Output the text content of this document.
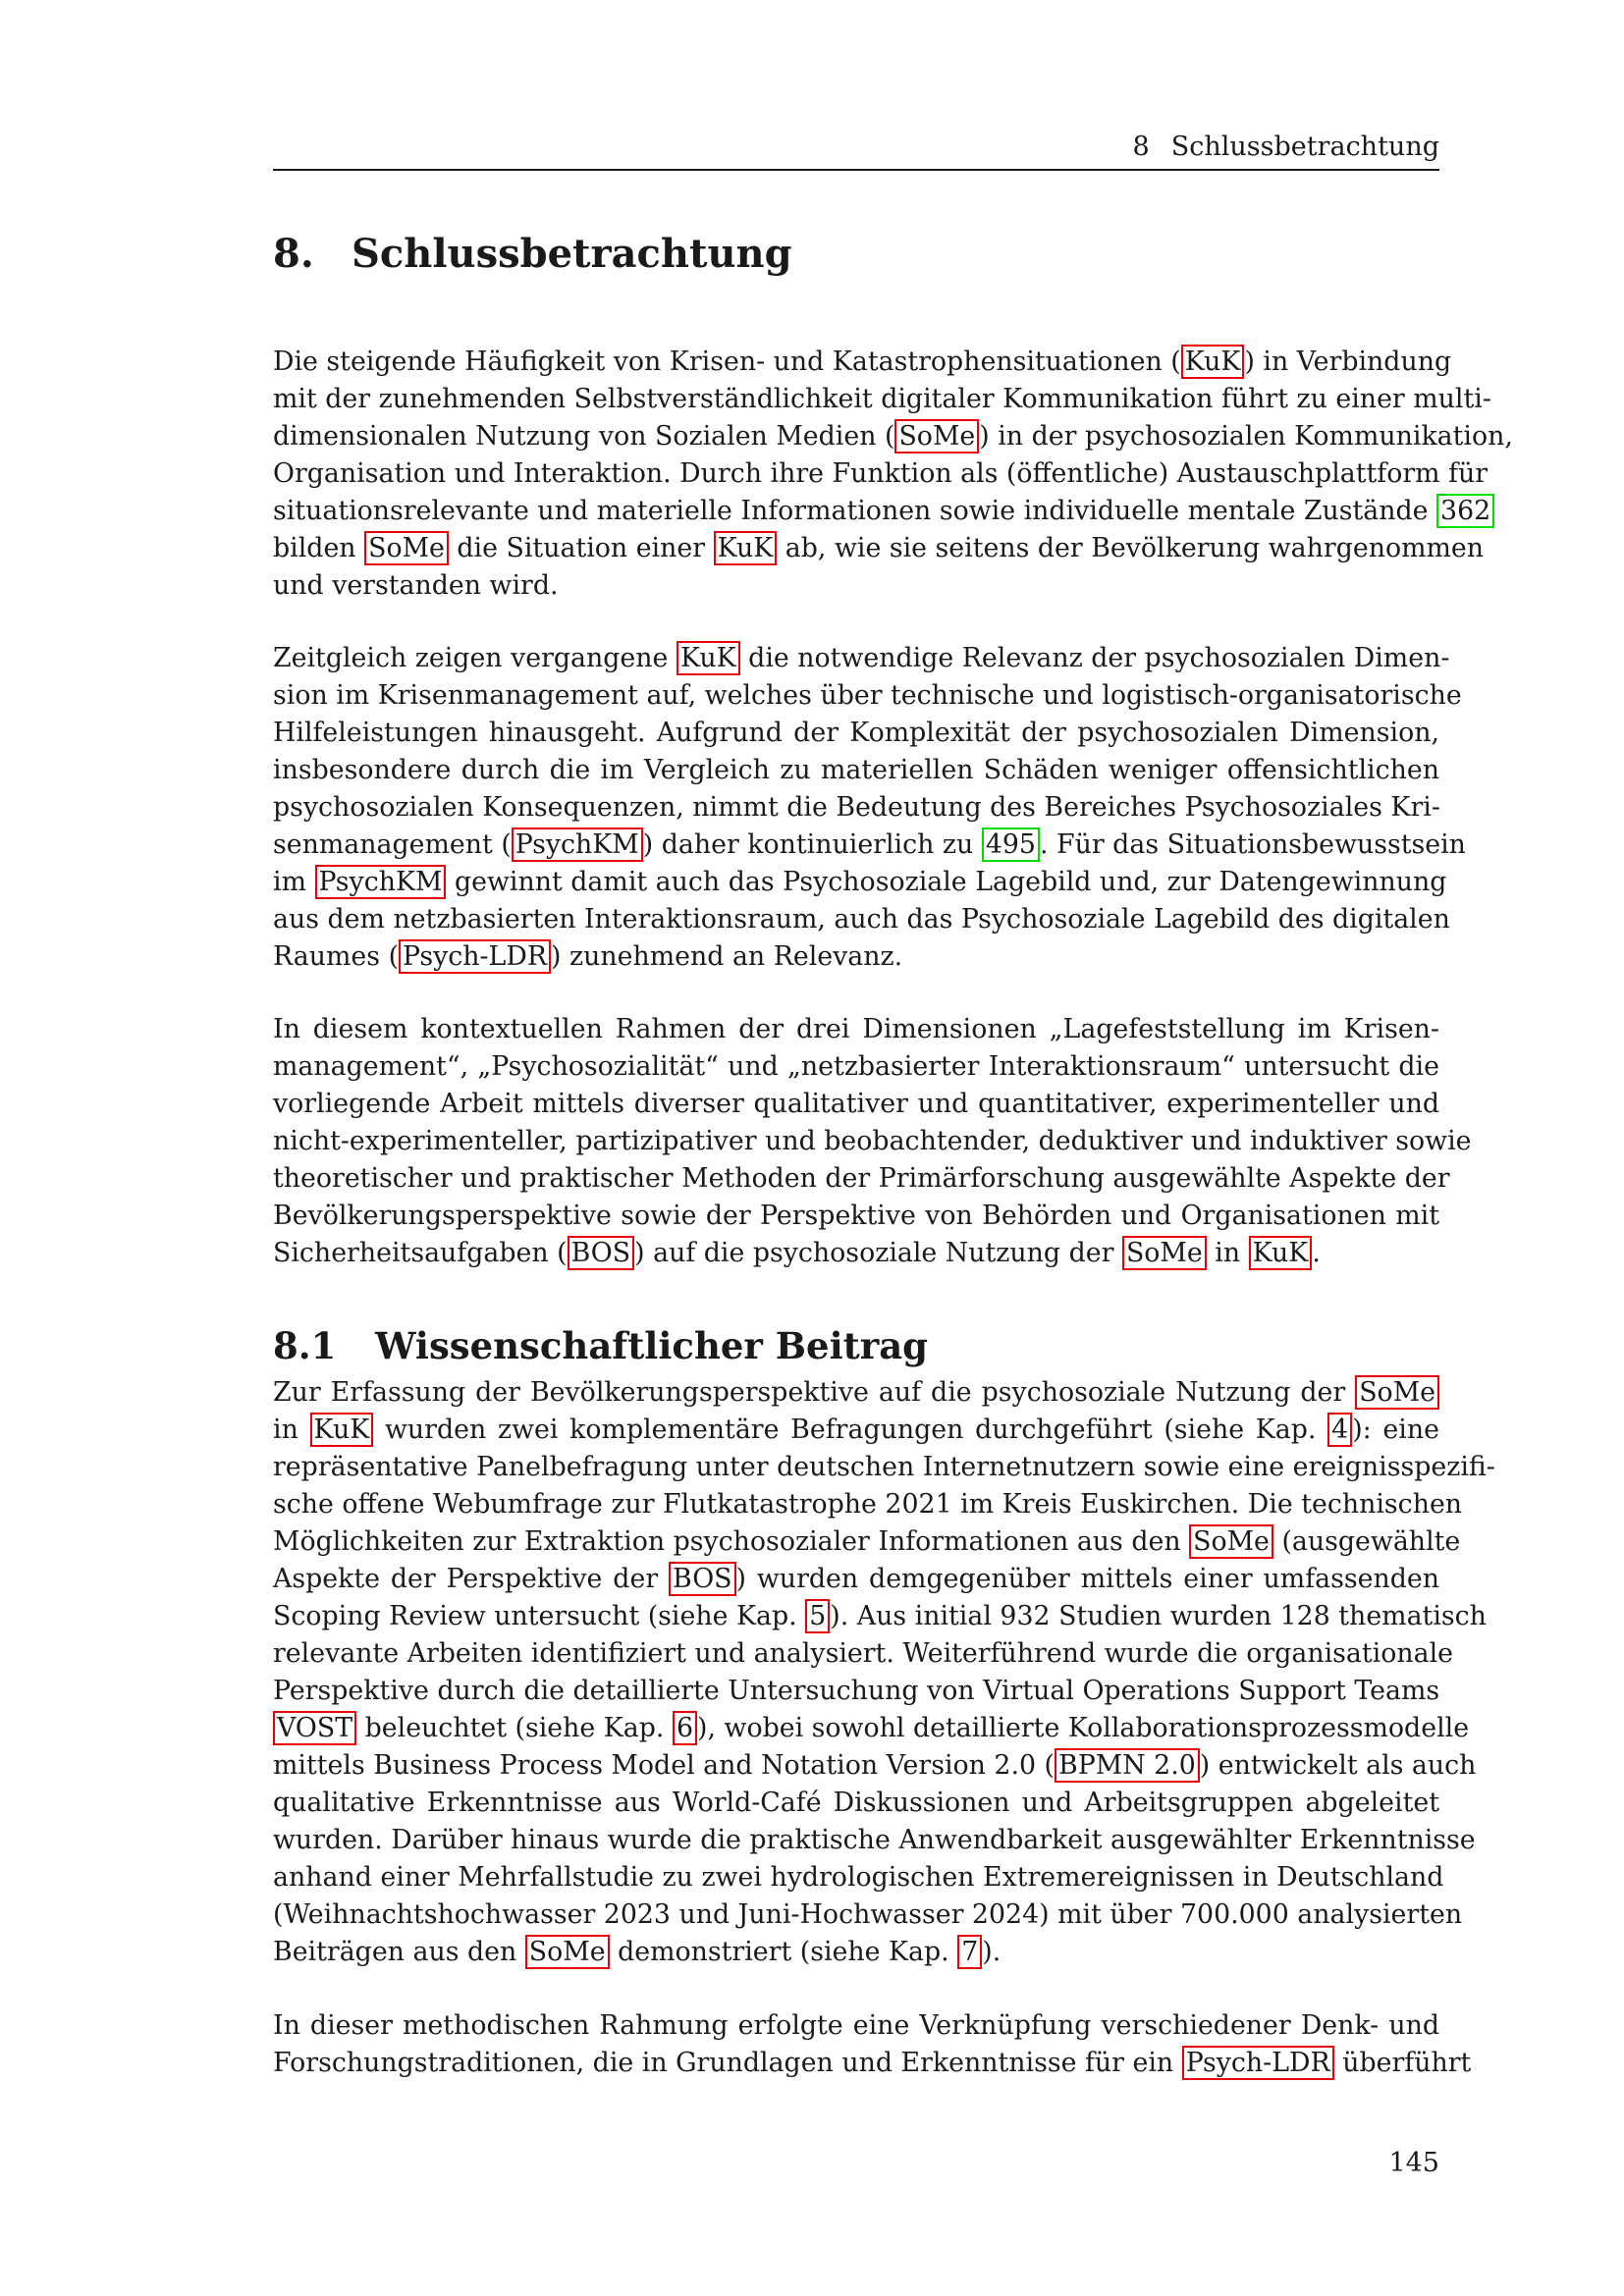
8 Schlussbetrachtung
8. Schlussbetrachtung
Die steigende Häufigkeit von Krisen- und Katastrophensituationen ( KuK ) in Verbindung
mit der zunehmenden Selbstverständlichkeit digitaler Kommunikation führt zu einer multi-
dimensionalen Nutzung von Sozialen Medien ( SoMe ) in der psychosozialen Kommunikation,
Organisation und Interaktion. Durch ihre Funktion als (öffentliche) Austauschplattform für
situationsrelevante und materielle Informationen sowie individuelle mentale Zustände 362
bilden SoMe die Situation einer KuK ab, wie sie seitens der Bevölkerung wahrgenommen
und verstanden wird.
Zeitgleich zeigen vergangene KuK die notwendige Relevanz der psychosozialen Dimen-
sion im Krisenmanagement auf, welches über technische und logistisch-organisatorische
Hilfeleistungen hinausgeht. Aufgrund der Komplexität der psychosozialen Dimension,
insbesondere durch die im Vergleich zu materiellen Schäden weniger offensichtlichen
psychosozialen Konsequenzen, nimmt die Bedeutung des Bereiches Psychosoziales Kri-
senmanagement ( PsychKM ) daher kontinuierlich zu 495 . Für das Situationsbewusstsein
im PsychKM gewinnt damit auch das Psychosoziale Lagebild und, zur Datengewinnung
aus dem netzbasierten Interaktionsraum, auch das Psychosoziale Lagebild des digitalen
Raumes ( Psych-LDR ) zunehmend an Relevanz.
In diesem kontextuellen Rahmen der drei Dimensionen „Lagefeststellung im Krisen-
management“, „Psychosozialität“ und „netzbasierter Interaktionsraum“ untersucht die
vorliegende Arbeit mittels diverser qualitativer und quantitativer, experimenteller und
nicht-experimenteller, partizipativer und beobachtender, deduktiver und induktiver sowie
theoretischer und praktischer Methoden der Primärforschung ausgewählte Aspekte der
Bevölkerungsperspektive sowie der Perspektive von Behörden und Organisationen mit
Sicherheitsaufgaben ( BOS ) auf die psychosoziale Nutzung der SoMe in KuK .
8.1 Wissenschaftlicher Beitrag
Zur Erfassung der Bevölkerungsperspektive auf die psychosoziale Nutzung der SoMe
in KuK wurden zwei komplementäre Befragungen durchgeführt (siehe Kap. 4 ): eine
repräsentative Panelbefragung unter deutschen Internetnutzern sowie eine ereignisspezifi-
sche offene Webumfrage zur Flutkatastrophe 2021 im Kreis Euskirchen. Die technischen
Möglichkeiten zur Extraktion psychosozialer Informationen aus den SoMe (ausgewählte
Aspekte der Perspektive der BOS ) wurden demgegenüber mittels einer umfassenden
Scoping Review untersucht (siehe Kap. 5 ). Aus initial 932 Studien wurden 128 thematisch
relevante Arbeiten identifiziert und analysiert. Weiterführend wurde die organisationale
Perspektive durch die detaillierte Untersuchung von Virtual Operations Support Teams
VOST beleuchtet (siehe Kap. 6 ), wobei sowohl detaillierte Kollaborationsprozessmodelle
mittels Business Process Model and Notation Version 2.0 ( BPMN 2.0 ) entwickelt als auch
qualitative Erkenntnisse aus World-Café Diskussionen und Arbeitsgruppen abgeleitet
wurden. Darüber hinaus wurde die praktische Anwendbarkeit ausgewählter Erkenntnisse
anhand einer Mehrfallstudie zu zwei hydrologischen Extremereignissen in Deutschland
(Weihnachtshochwasser 2023 und Juni-Hochwasser 2024) mit über 700.000 analysierten
Beiträgen aus den SoMe demonstriert (siehe Kap. 7 ).
In dieser methodischen Rahmung erfolgte eine Verknüpfung verschiedener Denk- und
Forschungstraditionen, die in Grundlagen und Erkenntnisse für ein Psych-LDR überführt
145
